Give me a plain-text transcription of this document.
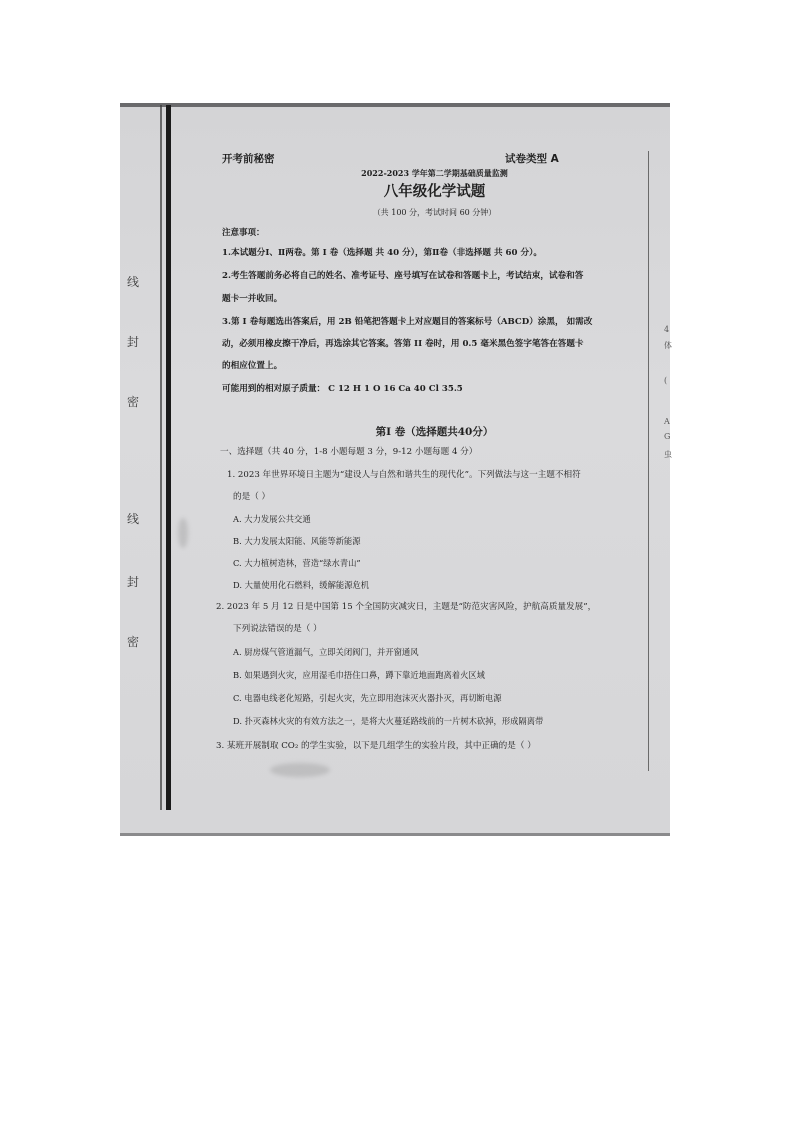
线
封
密
线
封
密
4
体
(
A
G
虫
开考前秘密	试卷类型 A
2022-2023 学年第二学期基础质量监测
八年级化学试题
（共 100 分，考试时间 60 分钟）
注意事项：
1.本试题分Ⅰ、Ⅱ两卷。第 Ⅰ 卷（选择题 共 40 分），第Ⅱ卷（非选择题 共 60 分）。
2.考生答题前务必将自己的姓名、准考证号、座号填写在试卷和答题卡上，考试结束，试卷和答
题卡一并收回。
3.第 Ⅰ 卷每题选出答案后，用 2B 铅笔把答题卡上对应题目的答案标号（ABCD）涂黑， 如需改
动，必须用橡皮擦干净后，再选涂其它答案。答第 II 卷时，用 0.5 毫米黑色签字笔答在答题卡
的相应位置上。
可能用到的相对原子质量： C 12 H 1 O 16 Ca 40 Cl 35.5
第Ⅰ 卷（选择题共40分）
一、选择题（共 40 分，1-8 小题每题 3 分，9-12 小题每题 4 分）
1. 2023 年世界环境日主题为“建设人与自然和谐共生的现代化”。下列做法与这一主题不相符
的是（ ）
A. 大力发展公共交通
B. 大力发展太阳能、风能等新能源
C. 大力植树造林，营造“绿水青山”
D. 大量使用化石燃料，缓解能源危机
2. 2023 年 5 月 12 日是中国第 15 个全国防灾减灾日，主题是“防范灾害风险，护航高质量发展”，
下列说法错误的是（ ）
A. 厨房煤气管道漏气，立即关闭阀门，并开窗通风
B. 如果遇到火灾，应用湿毛巾捂住口鼻，蹲下靠近地面跑离着火区域
C. 电器电线老化短路，引起火灾，先立即用泡沫灭火器扑灭，再切断电源
D. 扑灭森林火灾的有效方法之一，是将大火蔓延路线前的一片树木砍掉，形成隔离带
3. 某班开展制取 CO₂ 的学生实验，以下是几组学生的实验片段，其中正确的是（ ）
